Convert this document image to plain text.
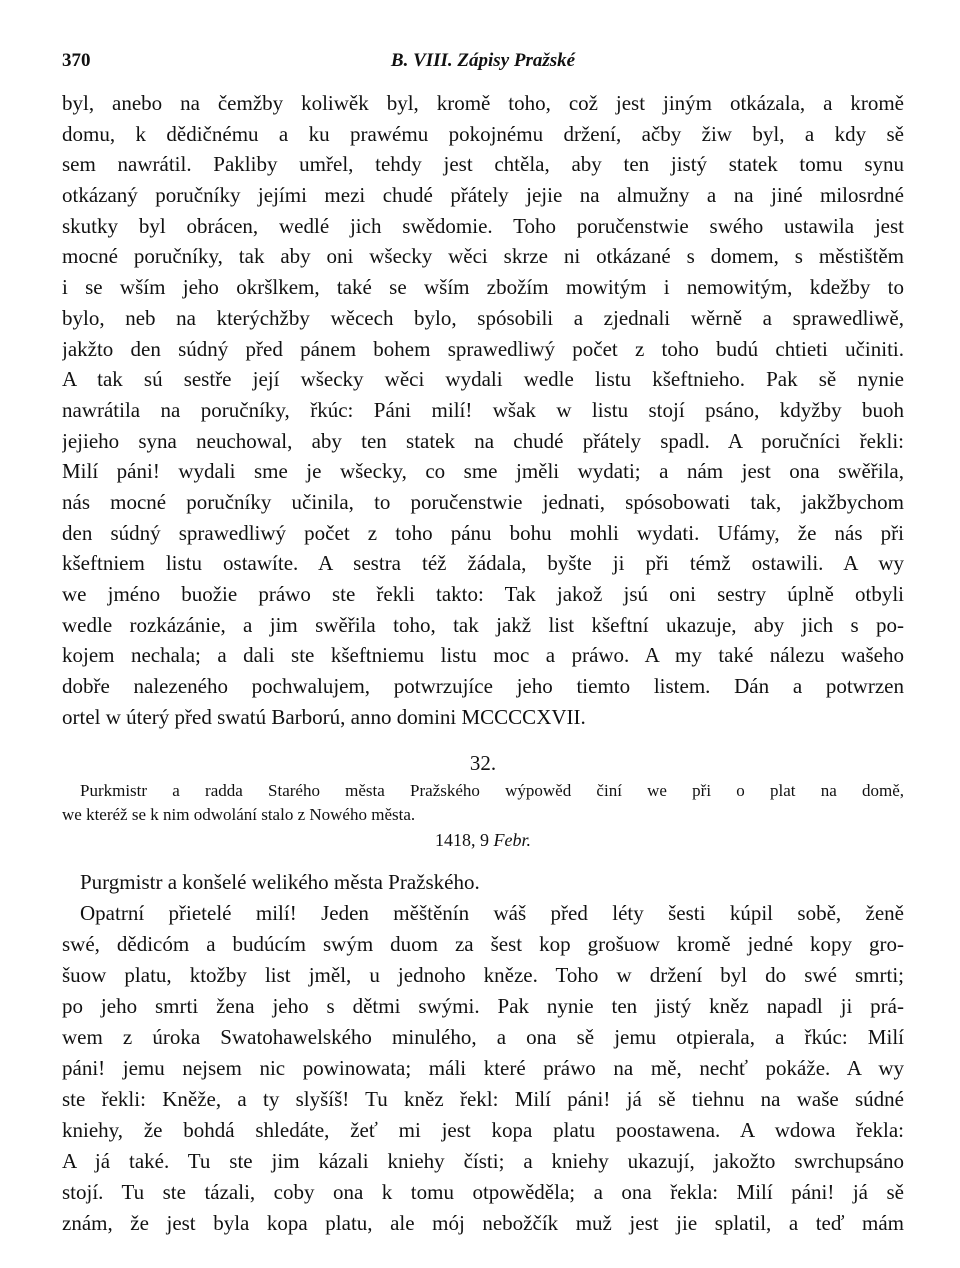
370	B. VIII. Zápisy Pražské
byl, anebo na čemžby koliwěk byl, kromě toho, což jest jiným otkázala, a kromě
domu, k dědičnému a ku prawému pokojnému držení, ačby žiw byl, a kdy sě
sem nawrátil. Pakliby umřel, tehdy jest chtěla, aby ten jistý statek tomu synu
otkázaný poručníky jejími mezi chudé přátely jejie na almužny a na jiné milosrdné
skutky byl obrácen, wedlé jich swědomie. Toho poručenstwie swého ustawila jest
mocné poručníky, tak aby oni wšecky wěci skrze ni otkázané s domem, s městištěm
i se wším jeho okršlkem, také se wším zbožím mowitým i nemowitým, kdežby to
bylo, neb na kterýchžby wěcech bylo, spósobili a zjednali wěrně a sprawedliwě,
jakžto den súdný před pánem bohem sprawedliwý počet z toho budú chtieti učiniti.
A tak sú sestře její wšecky wěci wydali wedle listu kšeftnieho. Pak sě nynie
nawrátila na poručníky, řkúc: Páni milí! wšak w listu stojí psáno, kdyžby buoh
jejieho syna neuchowal, aby ten statek na chudé přátely spadl. A poručníci řekli:
Milí páni! wydali sme je wšecky, co sme jměli wydati; a nám jest ona swěřila,
nás mocné poručníky učinila, to poručenstwie jednati, spósobowati tak, jakžbychom
den súdný sprawedliwý počet z toho pánu bohu mohli wydati. Ufámy, že nás při
kšeftniem listu ostawíte. A sestra též žádala, byšte ji při témž ostawili. A wy
we jméno buožie práwo ste řekli takto: Tak jakož jsú oni sestry úplně otbyli
wedle rozkázánie, a jim swěřila toho, tak jakž list kšeftní ukazuje, aby jich s po-
kojem nechala; a dali ste kšeftniemu listu moc a práwo. A my také nálezu wašeho
dobře nalezeného pochwalujem, potwrzujíce jeho tiemto listem. Dán a potwrzen
ortel w úterý před swatú Barború, anno domini MCCCCXVII.
32.
Purkmistr a radda Starého města Pražského wýpowěd činí we při o plat na domě,
we kteréž se k nim odwolání stalo z Nowého města.
1418, 9 Febr.
Purgmistr a konšelé welikého města Pražského.
Opatrní přietelé milí! Jeden měštěnín wáš před léty šesti kúpil sobě, ženě
swé, dědicóm a budúcím swým duom za šest kop grošuow kromě jedné kopy gro-
šuow platu, ktožby list jměl, u jednoho kněze. Toho w držení byl do swé smrti;
po jeho smrti žena jeho s dětmi swými. Pak nynie ten jistý kněz napadl ji prá-
wem z úroka Swatohawelského minulého, a ona sě jemu otpierala, a řkúc: Milí
páni! jemu nejsem nic powinowata; máli které práwo na mě, nechť pokáže. A wy
ste řekli: Kněže, a ty slyšíš! Tu kněz řekl: Milí páni! já sě tiehnu na waše súdné
kniehy, že bohdá shledáte, žeť mi jest kopa platu poostawena. A wdowa řekla:
A já také. Tu ste jim kázali kniehy čísti; a kniehy ukazují, jakožto swrchupsáno
stojí. Tu ste tázali, coby ona k tomu otpowěděla; a ona řekla: Milí páni! já sě
znám, že jest byla kopa platu, ale mój nebožčík muž jest jie splatil, a teď mám
